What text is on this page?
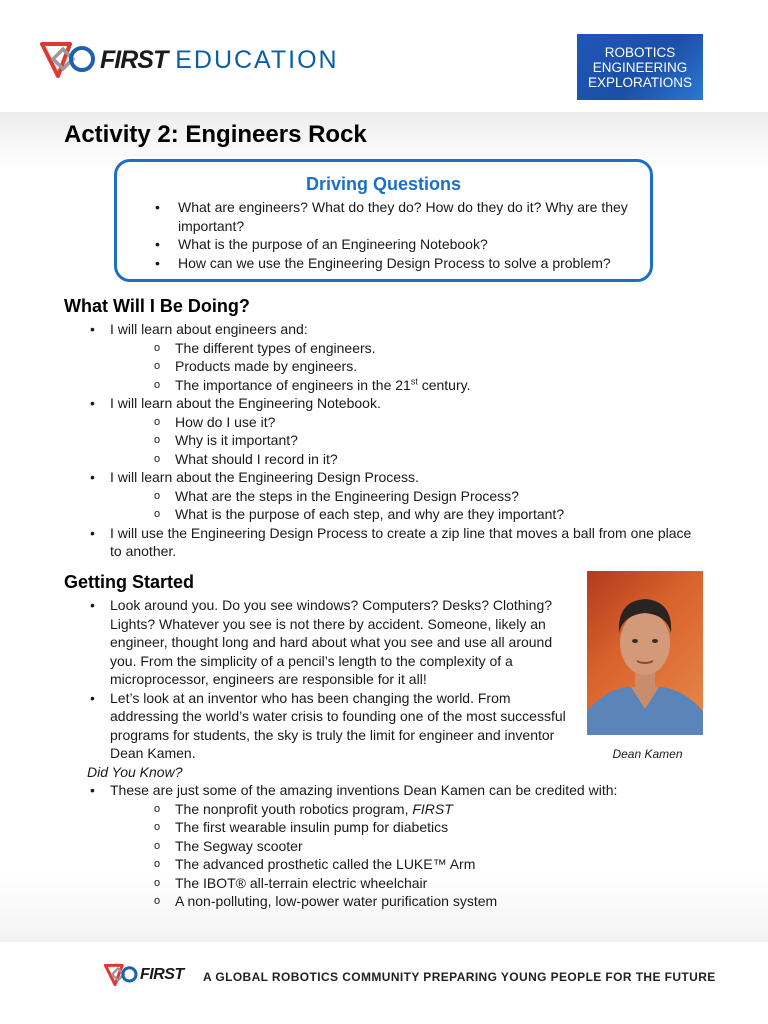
FIRST EDUCATION	ROBOTICS
ENGINEERING
EXPLORATIONS
Activity 2: Engineers Rock
Driving Questions
• What are engineers? What do they do? How do they do it? Why are they important?
• What is the purpose of an Engineering Notebook?
• How can we use the Engineering Design Process to solve a problem?
What Will I Be Doing?
• I will learn about engineers and:
o The different types of engineers.
o Products made by engineers.
o The importance of engineers in the 21st century.
• I will learn about the Engineering Notebook.
o How do I use it?
o Why is it important?
o What should I record in it?
• I will learn about the Engineering Design Process.
o What are the steps in the Engineering Design Process?
o What is the purpose of each step, and why are they important?
• I will use the Engineering Design Process to create a zip line that moves a ball from one place to another.
Getting Started
• Look around you. Do you see windows? Computers? Desks? Clothing? Lights? Whatever you see is not there by accident. Someone, likely an engineer, thought long and hard about what you see and use all around you. From the simplicity of a pencil’s length to the complexity of a microprocessor, engineers are responsible for it all!
• Let’s look at an inventor who has been changing the world. From addressing the world’s water crisis to founding one of the most successful programs for students, the sky is truly the limit for engineer and inventor Dean Kamen.	Dean Kamen
Did You Know?
• These are just some of the amazing inventions Dean Kamen can be credited with:
o The nonprofit youth robotics program, FIRST
o The first wearable insulin pump for diabetics
o The Segway scooter
o The advanced prosthetic called the LUKE™ Arm
o The IBOT® all-terrain electric wheelchair
o A non-polluting, low-power water purification system
FIRST A GLOBAL ROBOTICS COMMUNITY PREPARING YOUNG PEOPLE FOR THE FUTURE
